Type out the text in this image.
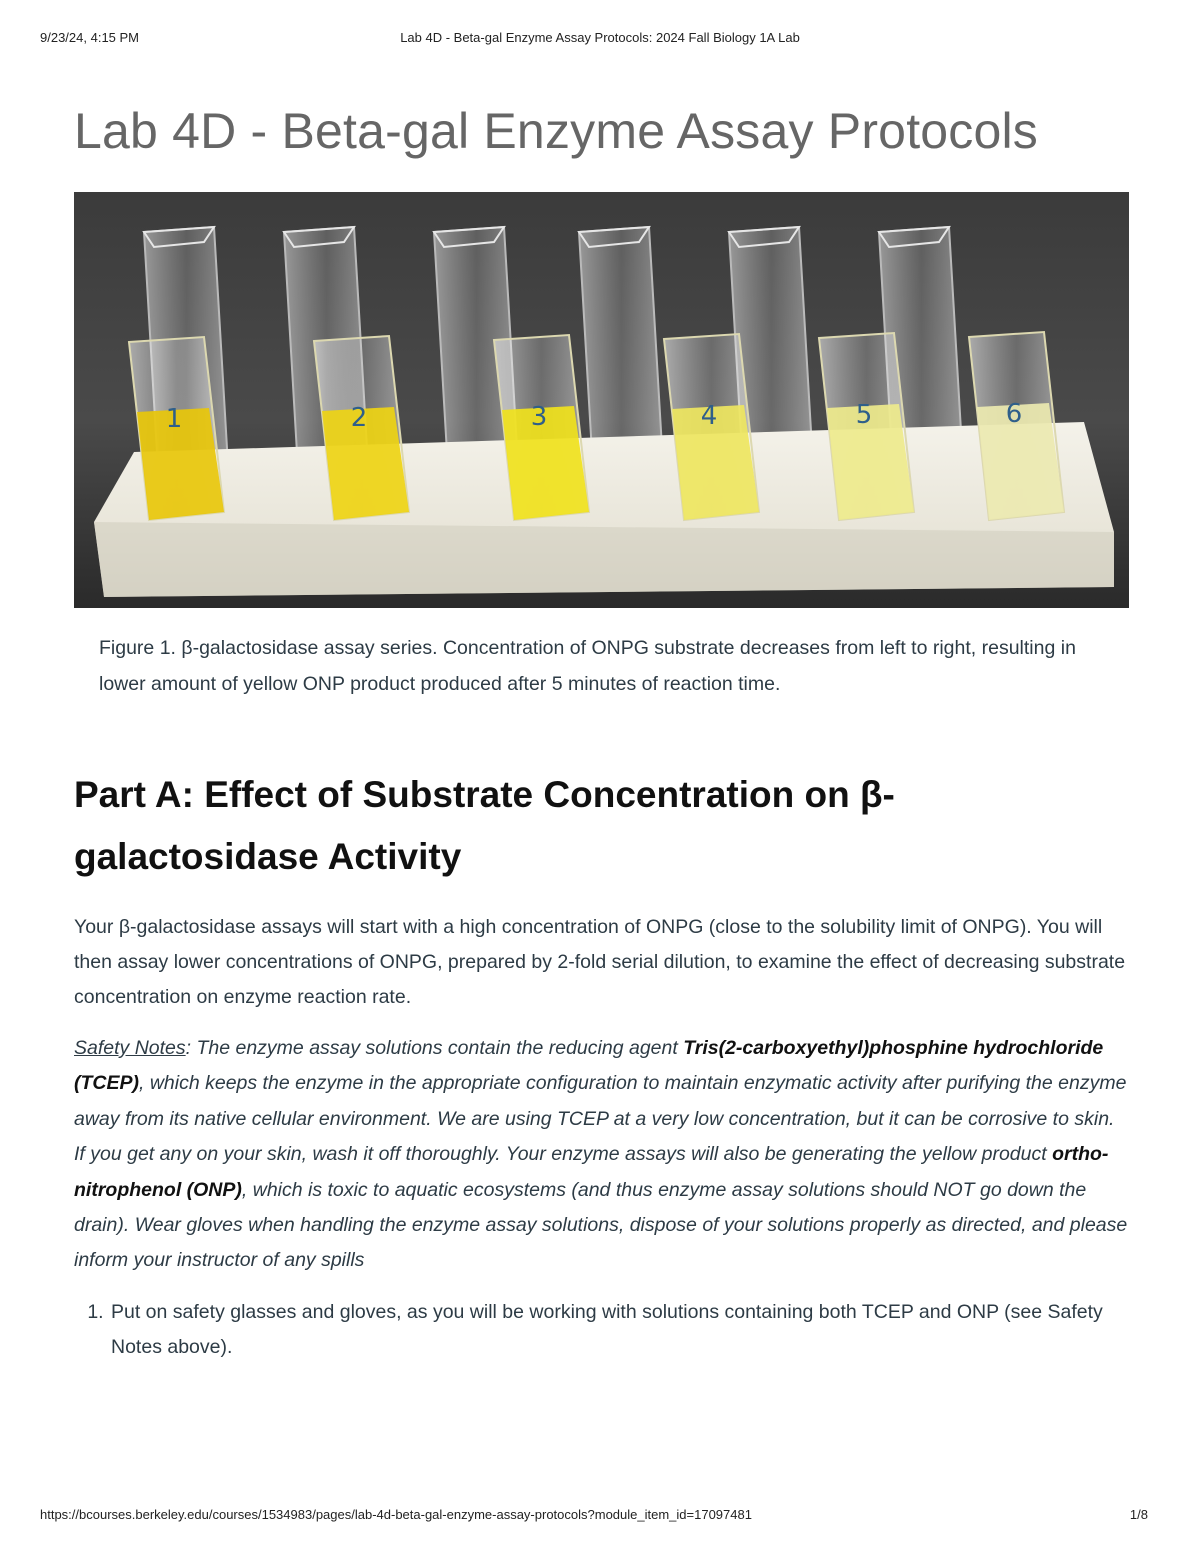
9/23/24, 4:15 PM	Lab 4D - Beta-gal Enzyme Assay Protocols: 2024 Fall Biology 1A Lab
Lab 4D - Beta-gal Enzyme Assay Protocols
1	2	3	4	5	6
Figure 1. β-galactosidase assay series. Concentration of ONPG substrate decreases from left to right, resulting in lower amount of yellow ONP product produced after 5 minutes of reaction time.
Part A: Effect of Substrate Concentration on β-galactosidase Activity

Your β-galactosidase assays will start with a high concentration of ONPG (close to the solubility limit of ONPG). You will then assay lower concentrations of ONPG, prepared by 2-fold serial dilution, to examine the effect of decreasing substrate concentration on enzyme reaction rate.

Safety Notes: The enzyme assay solutions contain the reducing agent Tris(2-carboxyethyl)phosphine hydrochloride (TCEP), which keeps the enzyme in the appropriate configuration to maintain enzymatic activity after purifying the enzyme away from its native cellular environment. We are using TCEP at a very low concentration, but it can be corrosive to skin. If you get any on your skin, wash it off thoroughly. Your enzyme assays will also be generating the yellow product ortho-nitrophenol (ONP), which is toxic to aquatic ecosystems (and thus enzyme assay solutions should NOT go down the drain). Wear gloves when handling the enzyme assay solutions, dispose of your solutions properly as directed, and please inform your instructor of any spills

1. Put on safety glasses and gloves, as you will be working with solutions containing both TCEP and ONP (see Safety Notes above).
https://bcourses.berkeley.edu/courses/1534983/pages/lab-4d-beta-gal-enzyme-assay-protocols?module_item_id=17097481	1/8
